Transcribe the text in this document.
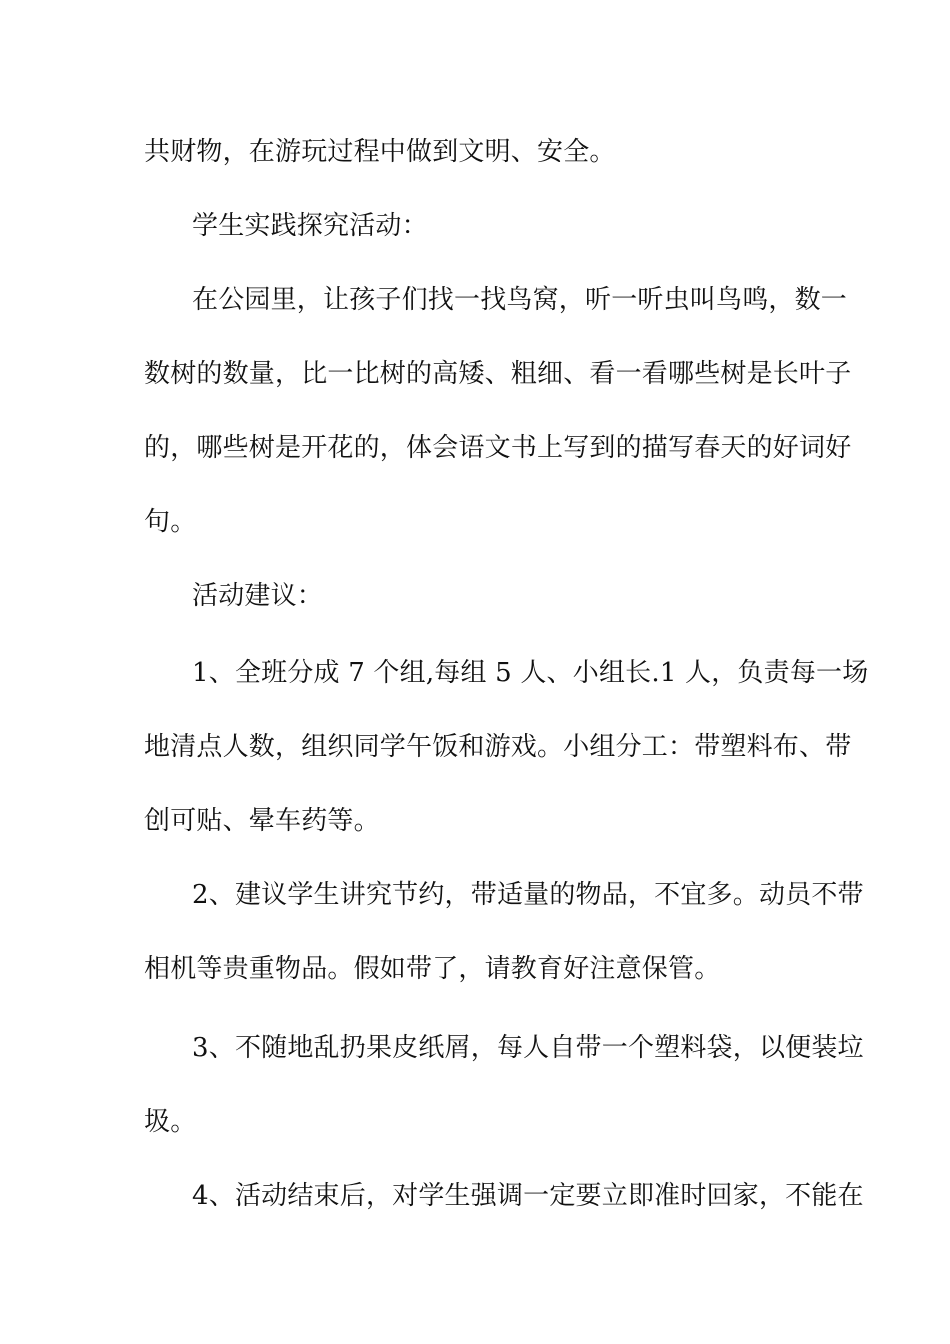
共财物，在游玩过程中做到文明、安全。
学生实践探究活动：
在公园里，让孩子们找一找鸟窝，听一听虫叫鸟鸣，数一
数树的数量，比一比树的高矮、粗细、看一看哪些树是长叶子
的，哪些树是开花的，体会语文书上写到的描写春天的好词好
句。
活动建议：
1、全班分成 7 个组,每组 5 人、小组长.1 人，负责每一场
地清点人数，组织同学午饭和游戏。小组分工：带塑料布、带
创可贴、晕车药等。
2、建议学生讲究节约，带适量的物品，不宜多。动员不带
相机等贵重物品。假如带了，请教育好注意保管。
3、不随地乱扔果皮纸屑，每人自带一个塑料袋，以便装垃
圾。
4、活动结束后，对学生强调一定要立即准时回家，不能在
